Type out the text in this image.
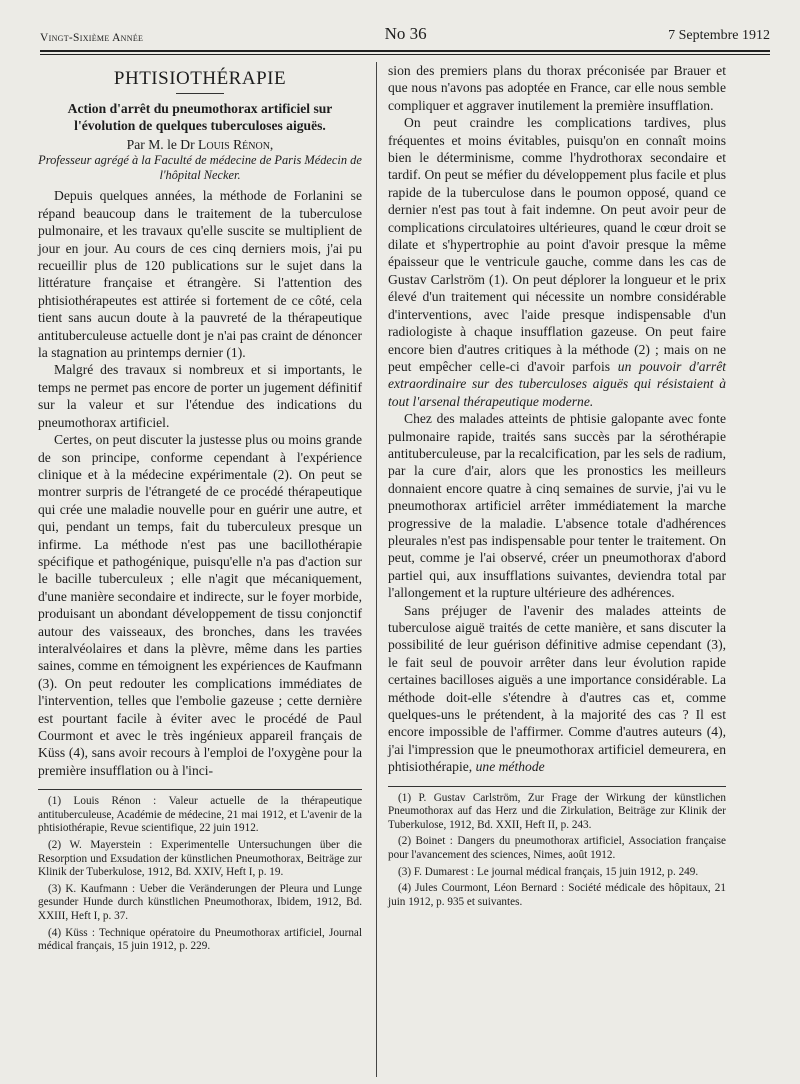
Vingt-Sixième Année	No 36	7 Septembre 1912
PHTISIOTHÉRAPIE
Action d'arrêt du pneumothorax artificiel sur l'évolution de quelques tuberculoses aiguës.
Par M. le Dr Louis Rénon,
Professeur agrégé à la Faculté de médecine de Paris Médecin de l'hôpital Necker.

Depuis quelques années, la méthode de Forlanini se répand beaucoup dans le traitement de la tuberculose pulmonaire, et les travaux qu'elle suscite se multiplient de jour en jour. Au cours de ces cinq derniers mois, j'ai pu recueillir plus de 120 publications sur le sujet dans la littérature française et étrangère. Si l'attention des phtisiothérapeutes est attirée si fortement de ce côté, cela tient sans aucun doute à la pauvreté de la thérapeutique antituberculeuse actuelle dont je n'ai pas craint de dénoncer la stagnation au printemps dernier (1).

Malgré des travaux si nombreux et si importants, le temps ne permet pas encore de porter un jugement définitif sur la valeur et sur l'étendue des indications du pneumothorax artificiel.

Certes, on peut discuter la justesse plus ou moins grande de son principe, conforme cependant à l'expérience clinique et à la médecine expérimentale (2). On peut se montrer surpris de l'étrangeté de ce procédé thérapeutique qui crée une maladie nouvelle pour en guérir une autre, et qui, pendant un temps, fait du tuberculeux presque un infirme. La méthode n'est pas une bacillothérapie spécifique et pathogénique, puisqu'elle n'a pas d'action sur le bacille tuberculeux ; elle n'agit que mécaniquement, d'une manière secondaire et indirecte, sur le foyer morbide, produisant un abondant développement de tissu conjonctif autour des vaisseaux, des bronches, dans les travées interalvéolaires et dans la plèvre, même dans les parties saines, comme en témoignent les expériences de Kaufmann (3). On peut redouter les complications immédiates de l'intervention, telles que l'embolie gazeuse ; cette dernière est pourtant facile à éviter avec le procédé de Paul Courmont et avec le très ingénieux appareil français de Küss (4), sans avoir recours à l'emploi de l'oxygène pour la première insufflation ou à l'inci-

(1) Louis Rénon : Valeur actuelle de la thérapeutique antituberculeuse, Académie de médecine, 21 mai 1912, et L'avenir de la phtisiothérapie, Revue scientifique, 22 juin 1912.

(2) W. Mayerstein : Experimentelle Untersuchungen über die Resorption und Exsudation der künstlichen Pneumothorax, Beiträge zur Klinik der Tuberkulose, 1912, Bd. XXIV, Heft I, p. 19.

(3) K. Kaufmann : Ueber die Veränderungen der Pleura und Lunge gesunder Hunde durch künstlichen Pneumothorax, Ibidem, 1912, Bd. XXIII, Heft I, p. 37.

(4) Küss : Technique opératoire du Pneumothorax artificiel, Journal médical français, 15 juin 1912, p. 229.

sion des premiers plans du thorax préconisée par Brauer et que nous n'avons pas adoptée en France, car elle nous semble compliquer et aggraver inutilement la première insufflation.

On peut craindre les complications tardives, plus fréquentes et moins évitables, puisqu'on en connaît moins bien le déterminisme, comme l'hydrothorax secondaire et tardif. On peut se méfier du développement plus facile et plus rapide de la tuberculose dans le poumon opposé, quand ce dernier n'est pas tout à fait indemne. On peut avoir peur de complications circulatoires ultérieures, quand le cœur droit se dilate et s'hypertrophie au point d'avoir presque la même épaisseur que le ventricule gauche, comme dans les cas de Gustav Carlström (1). On peut déplorer la longueur et le prix élevé d'un traitement qui nécessite un nombre considérable d'interventions, avec l'aide presque indispensable d'un radiologiste à chaque insufflation gazeuse. On peut faire encore bien d'autres critiques à la méthode (2) ; mais on ne peut empêcher celle-ci d'avoir parfois un pouvoir d'arrêt extraordinaire sur des tuberculoses aiguës qui résistaient à tout l'arsenal thérapeutique moderne.

Chez des malades atteints de phtisie galopante avec fonte pulmonaire rapide, traités sans succès par la sérothérapie antituberculeuse, par la recalcification, par les sels de radium, par la cure d'air, alors que les pronostics les meilleurs donnaient encore quatre à cinq semaines de survie, j'ai vu le pneumothorax artificiel arrêter immédiatement la marche progressive de la maladie. L'absence totale d'adhérences pleurales n'est pas indispensable pour tenter le traitement. On peut, comme je l'ai observé, créer un pneumothorax d'abord partiel qui, aux insufflations suivantes, deviendra total par l'allongement et la rupture ultérieure des adhérences.

Sans préjuger de l'avenir des malades atteints de tuberculose aiguë traités de cette manière, et sans discuter la possibilité de leur guérison définitive admise cependant (3), le fait seul de pouvoir arrêter dans leur évolution rapide certaines bacilloses aiguës a une importance considérable. La méthode doit-elle s'étendre à d'autres cas et, comme quelques-uns le prétendent, à la majorité des cas ? Il est encore impossible de l'affirmer. Comme d'autres auteurs (4), j'ai l'impression que le pneumothorax artificiel demeurera, en phtisiothérapie, une méthode

(1) P. Gustav Carlström, Zur Frage der Wirkung der künstlichen Pneumothorax auf das Herz und die Zirkulation, Beiträge zur Klinik der Tuberkulose, 1912, Bd. XXII, Heft II, p. 243.

(2) Boinet : Dangers du pneumothorax artificiel, Association française pour l'avancement des sciences, Nimes, août 1912.

(3) F. Dumarest : Le journal médical français, 15 juin 1912, p. 249.

(4) Jules Courmont, Léon Bernard : Société médicale des hôpitaux, 21 juin 1912, p. 935 et suivantes.
